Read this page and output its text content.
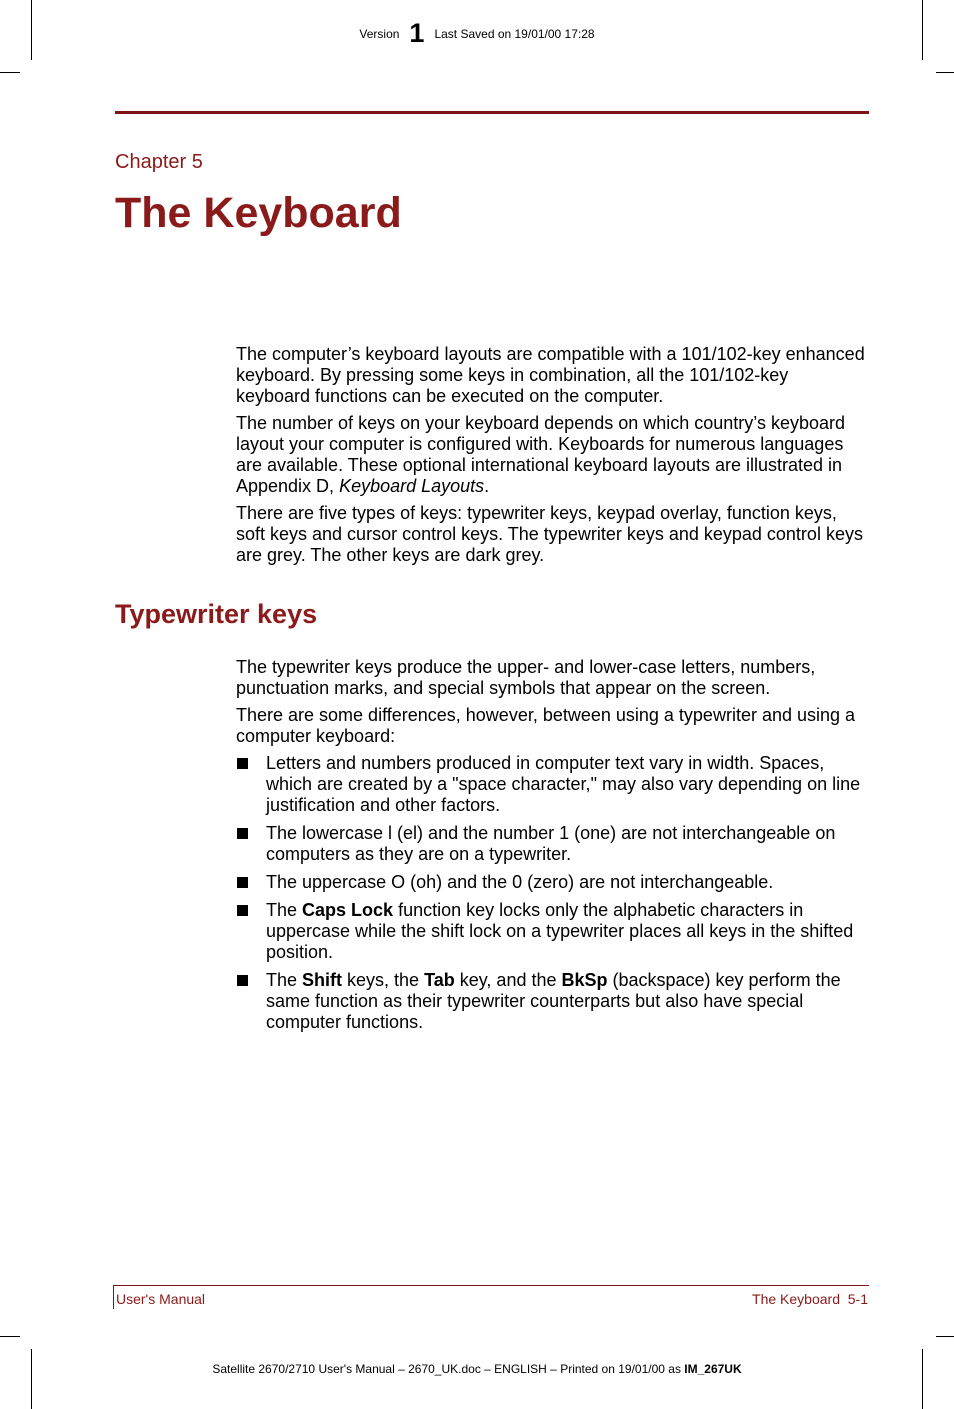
Version 1 Last Saved on 19/01/00 17:28
Chapter 5
The Keyboard

The computer’s keyboard layouts are compatible with a 101/102-key enhanced keyboard. By pressing some keys in combination, all the 101/102-key keyboard functions can be executed on the computer.

The number of keys on your keyboard depends on which country’s keyboard layout your computer is configured with. Keyboards for numerous languages are available. These optional international keyboard layouts are illustrated in Appendix D, Keyboard Layouts.

There are five types of keys: typewriter keys, keypad overlay, function keys, soft keys and cursor control keys. The typewriter keys and keypad control keys are grey. The other keys are dark grey.

Typewriter keys

The typewriter keys produce the upper- and lower-case letters, numbers, punctuation marks, and special symbols that appear on the screen.

There are some differences, however, between using a typewriter and using a computer keyboard:

Letters and numbers produced in computer text vary in width. Spaces, which are created by a "space character," may also vary depending on line justification and other factors.
The lowercase l (el) and the number 1 (one) are not interchangeable on computers as they are on a typewriter.
The uppercase O (oh) and the 0 (zero) are not interchangeable.
The Caps Lock function key locks only the alphabetic characters in uppercase while the shift lock on a typewriter places all keys in the shifted position.
The Shift keys, the Tab key, and the BkSp (backspace) key perform the same function as their typewriter counterparts but also have special computer functions.
User's Manual	The Keyboard  5-1
Satellite 2670/2710 User's Manual – 2670_UK.doc – ENGLISH – Printed on 19/01/00 as IM_267UK
